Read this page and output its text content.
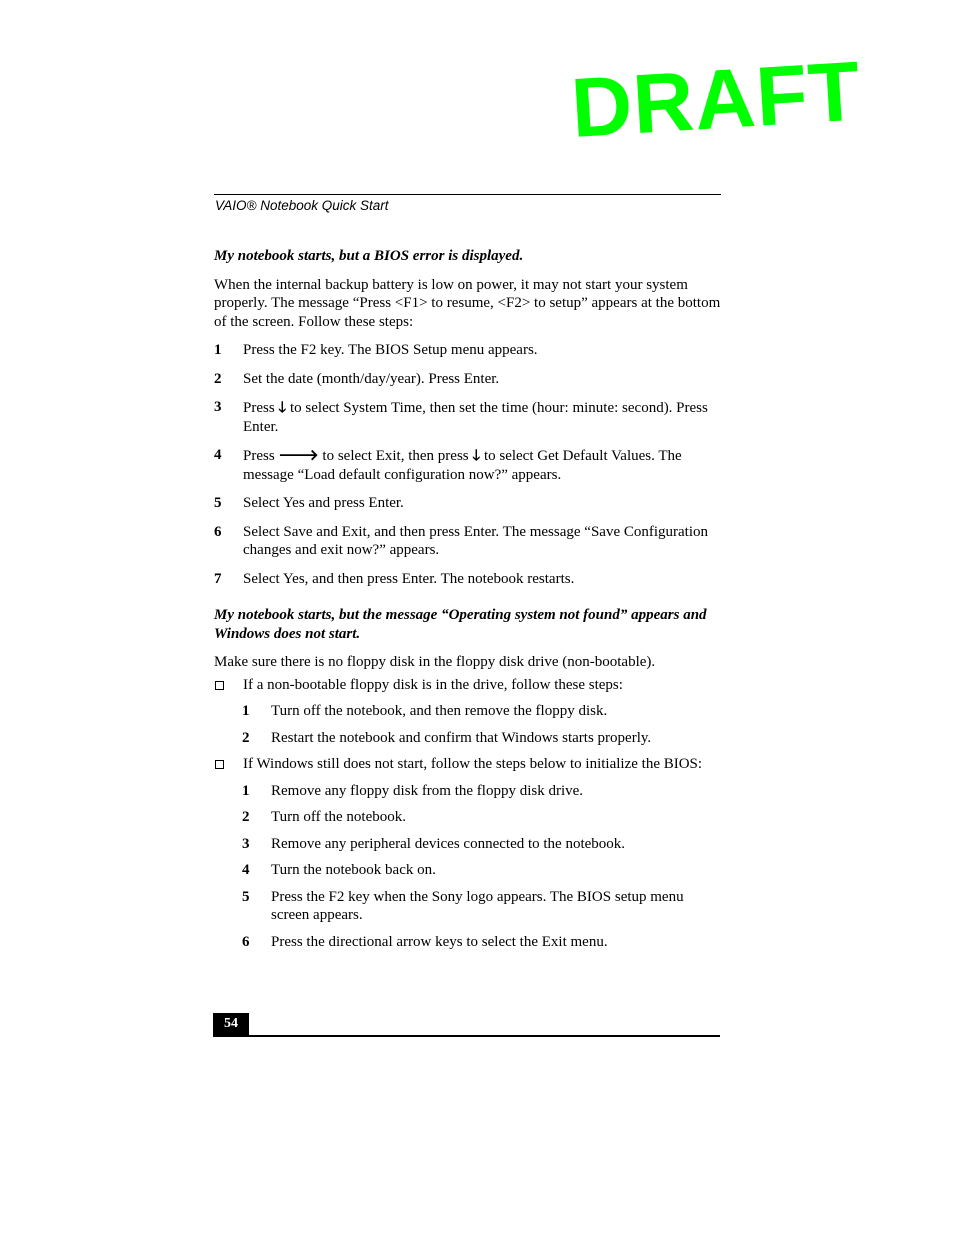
DRAFT
VAIO® Notebook Quick Start
My notebook starts, but a BIOS error is displayed.
When the internal backup battery is low on power, it may not start your system properly. The message “Press <F1> to resume, <F2> to setup” appears at the bottom of the screen. Follow these steps:
1 Press the F2 key. The BIOS Setup menu appears.
2 Set the date (month/day/year). Press Enter.
3 Press 🡓 to select System Time, then set the time (hour: minute: second). Press Enter.
4 Press 🡒 to select Exit, then press 🡓 to select Get Default Values. The message “Load default configuration now?” appears.
5 Select Yes and press Enter.
6 Select Save and Exit, and then press Enter. The message “Save Configuration changes and exit now?” appears.
7 Select Yes, and then press Enter. The notebook restarts.
My notebook starts, but the message “Operating system not found” appears and Windows does not start.
Make sure there is no floppy disk in the floppy disk drive (non-bootable).
If a non-bootable floppy disk is in the drive, follow these steps:
1 Turn off the notebook, and then remove the floppy disk.
2 Restart the notebook and confirm that Windows starts properly.
If Windows still does not start, follow the steps below to initialize the BIOS:
1 Remove any floppy disk from the floppy disk drive.
2 Turn off the notebook.
3 Remove any peripheral devices connected to the notebook.
4 Turn the notebook back on.
5 Press the F2 key when the Sony logo appears. The BIOS setup menu screen appears.
6 Press the directional arrow keys to select the Exit menu.
54
